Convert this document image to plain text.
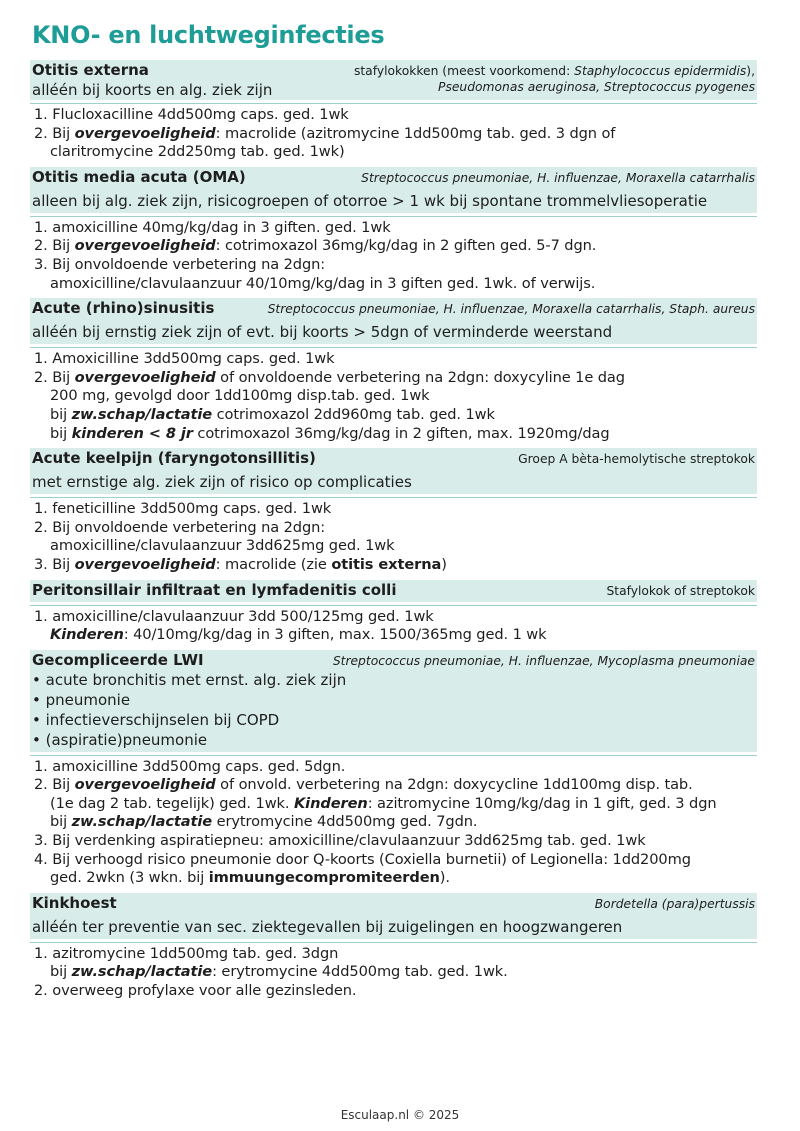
KNO- en luchtweginfecties
Otitis externa
alléén bij koorts en alg. ziek zijn
stafylokokken (meest voorkomend: Staphylococcus epidermidis),
Pseudomonas aeruginosa, Streptococcus pyogenes
1. Flucloxacilline 4dd500mg caps. ged. 1wk
2. Bij overgevoeligheid: macrolide (azitromycine 1dd500mg tab. ged. 3 dgn of
claritromycine 2dd250mg tab. ged. 1wk)
Otitis media acuta (OMA)	Streptococcus pneumoniae, H. influenzae, Moraxella catarrhalis
alleen bij alg. ziek zijn, risicogroepen of otorroe > 1 wk bij spontane trommelvliesoperatie
1. amoxicilline 40mg/kg/dag in 3 giften. ged. 1wk
2. Bij overgevoeligheid: cotrimoxazol 36mg/kg/dag in 2 giften ged. 5-7 dgn.
3. Bij onvoldoende verbetering na 2dgn:
amoxicilline/clavulaanzuur 40/10mg/kg/dag in 3 giften ged. 1wk. of verwijs.
Acute (rhino)sinusitis	Streptococcus pneumoniae, H. influenzae, Moraxella catarrhalis, Staph. aureus
alléén bij ernstig ziek zijn of evt. bij koorts > 5dgn of verminderde weerstand
1. Amoxicilline 3dd500mg caps. ged. 1wk
2. Bij overgevoeligheid of onvoldoende verbetering na 2dgn: doxycyline 1e dag
200 mg, gevolgd door 1dd100mg disp.tab. ged. 1wk
bij zw.schap/lactatie cotrimoxazol 2dd960mg tab. ged. 1wk
bij kinderen < 8 jr cotrimoxazol 36mg/kg/dag in 2 giften, max. 1920mg/dag
Acute keelpijn (faryngotonsillitis)	Groep A bèta-hemolytische streptokok
met ernstige alg. ziek zijn of risico op complicaties
1. feneticilline 3dd500mg caps. ged. 1wk
2. Bij onvoldoende verbetering na 2dgn:
amoxicilline/clavulaanzuur 3dd625mg ged. 1wk
3. Bij overgevoeligheid: macrolide (zie otitis externa)
Peritonsillair infiltraat en lymfadenitis colli	Stafylokok of streptokok
1. amoxicilline/clavulaanzuur 3dd 500/125mg ged. 1wk
Kinderen: 40/10mg/kg/dag in 3 giften, max. 1500/365mg ged. 1 wk
Gecompliceerde LWI	Streptococcus pneumoniae, H. influenzae, Mycoplasma pneumoniae
• acute bronchitis met ernst. alg. ziek zijn
• pneumonie
• infectieverschijnselen bij COPD
• (aspiratie)pneumonie
1. amoxicilline 3dd500mg caps. ged. 5dgn.
2. Bij overgevoeligheid of onvold. verbetering na 2dgn: doxycycline 1dd100mg disp. tab.
(1e dag 2 tab. tegelijk) ged. 1wk. Kinderen: azitromycine 10mg/kg/dag in 1 gift, ged. 3 dgn
bij zw.schap/lactatie erytromycine 4dd500mg ged. 7gdn.
3. Bij verdenking aspiratiepneu: amoxicilline/clavulaanzuur 3dd625mg tab. ged. 1wk
4. Bij verhoogd risico pneumonie door Q-koorts (Coxiella burnetii) of Legionella: 1dd200mg
ged. 2wkn (3 wkn. bij immuungecompromiteerden).
Kinkhoest	Bordetella (para)pertussis
alléén ter preventie van sec. ziektegevallen bij zuigelingen en hoogzwangeren
1. azitromycine 1dd500mg tab. ged. 3dgn
bij zw.schap/lactatie: erytromycine 4dd500mg tab. ged. 1wk.
2. overweeg profylaxe voor alle gezinsleden.
Esculaap.nl © 2025
